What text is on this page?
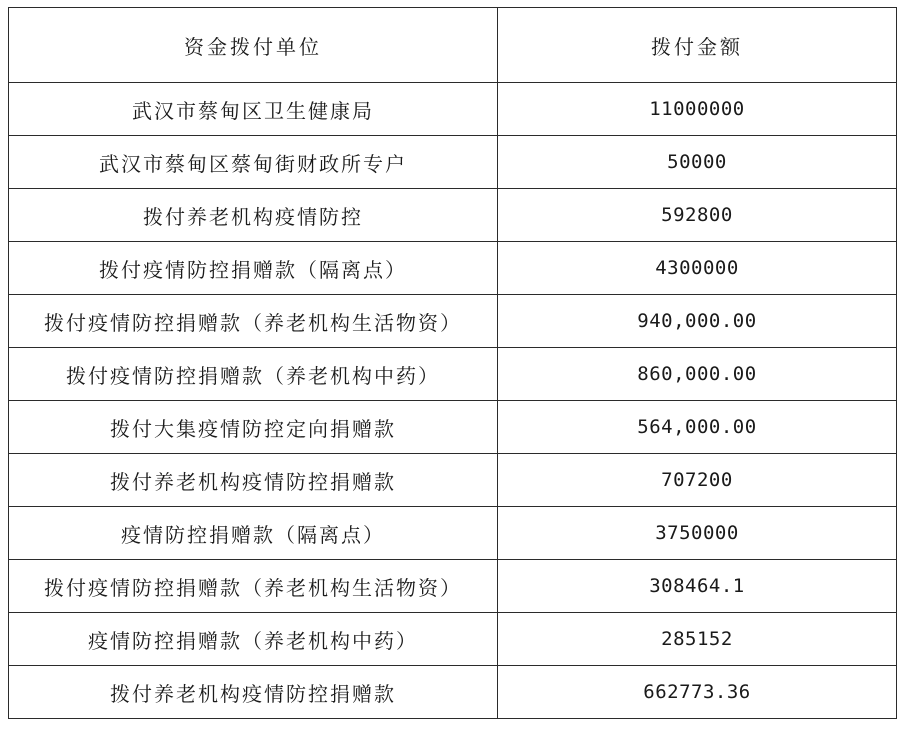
资金拨付单位	拨付金额
武汉市蔡甸区卫生健康局	11000000
武汉市蔡甸区蔡甸街财政所专户	50000
拨付养老机构疫情防控	592800
拨付疫情防控捐赠款（隔离点）	4300000
拨付疫情防控捐赠款（养老机构生活物资）	940,000.00
拨付疫情防控捐赠款（养老机构中药）	860,000.00
拨付大集疫情防控定向捐赠款	564,000.00
拨付养老机构疫情防控捐赠款	707200
疫情防控捐赠款（隔离点）	3750000
拨付疫情防控捐赠款（养老机构生活物资）	308464.1
疫情防控捐赠款（养老机构中药）	285152
拨付养老机构疫情防控捐赠款	662773.36
